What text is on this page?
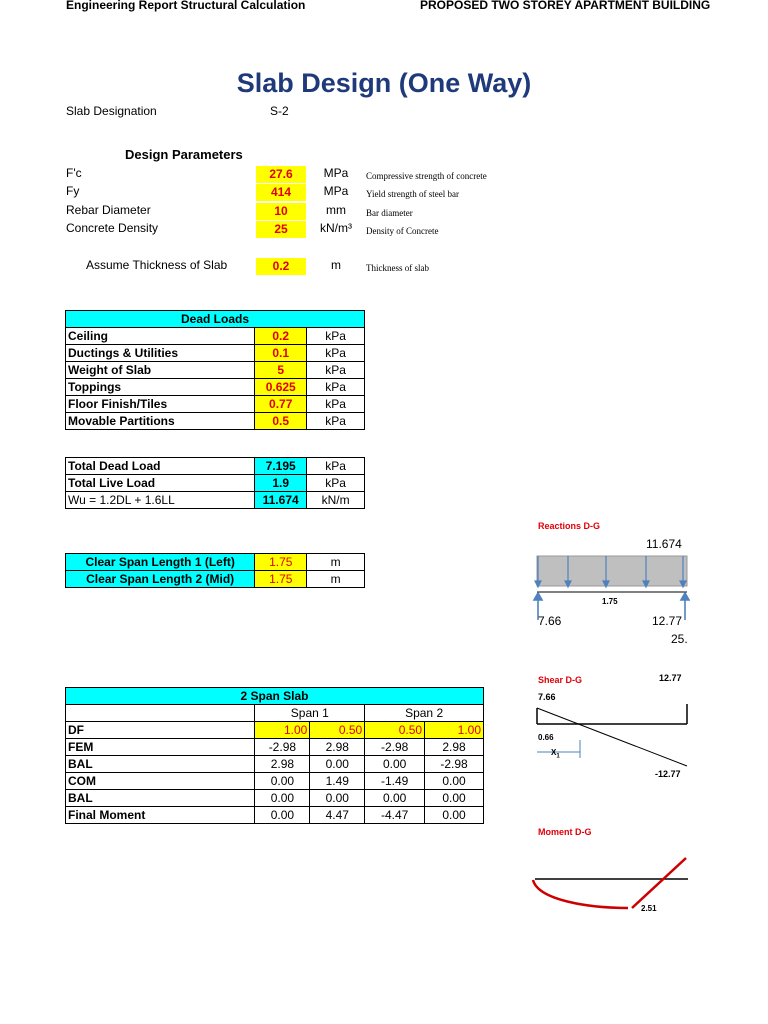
Engineering Report Structural Calculation	PROPOSED TWO STOREY APARTMENT BUILDING
Slab Design (One Way)
Slab Designation	S-2
Design Parameters
F'c	27.6	MPa	Compressive strength of concrete
Fy	414	MPa	Yield strength of steel bar
Rebar Diameter	10	mm	Bar diameter
Concrete Density	25	kN/m³	Density of Concrete
Assume Thickness of Slab	0.2	m	Thickness of slab
Dead Loads		
Ceiling	0.2	kPa
Ductings & Utilities	0.1	kPa
Weight of Slab	5	kPa
Toppings	0.625	kPa
Floor Finish/Tiles	0.77	kPa
Movable Partitions	0.5	kPa
Total Dead Load	7.195	kPa
Total Live Load	1.9	kPa
Wu = 1.2DL + 1.6LL	11.674	kN/m
Clear Span Length 1 (Left)	1.75	m
Clear Span Length 2 (Mid)	1.75	m
2 Span Slab				
	Span 1		Span 2	
DF	1.00	0.50	0.50	1.00
FEM	-2.98	2.98	-2.98	2.98
BAL	2.98	0.00	0.00	-2.98
COM	0.00	1.49	-1.49	0.00
BAL	0.00	0.00	0.00	0.00
Final Moment	0.00	4.47	-4.47	0.00
Reactions D-G
11.674
1.75
7.66	12.77
25.
Shear D-G	12.77
7.66
0.66
$X_1$
-12.77
Moment D-G
2.51
